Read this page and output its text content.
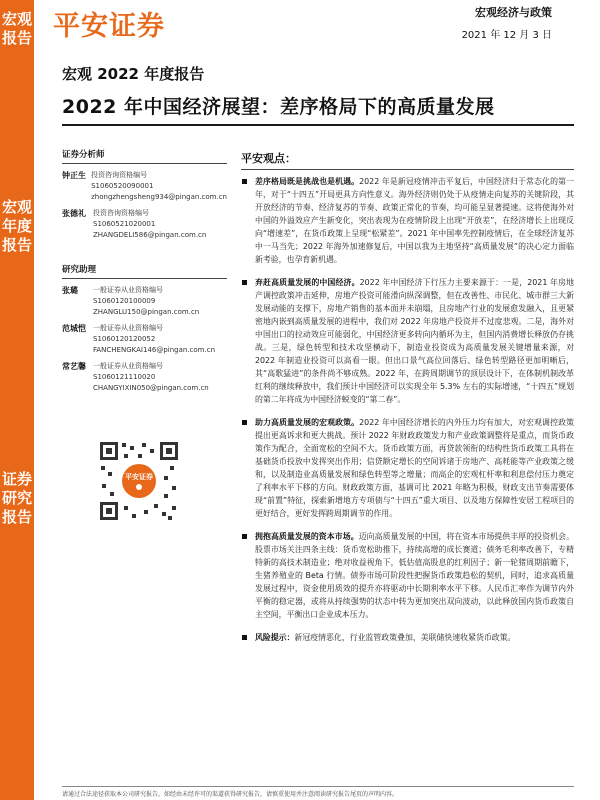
宏观报告
宏观年度报告
证券研究报告
平安证券	宏观经济与政策
2021 年 12 月 3 日
宏观 2022 年度报告
2022 年中国经济展望：差序格局下的高质量发展
证券分析师
钟正生 投资咨询资格编号
S1060520090001
zhongzhengsheng934@pingan.com.cn
张德礼	投资咨询资格编号
S1060521020001
ZHANGDELI586@pingan.com.cn
研究助理
张璐	一般证券从业资格编号
S1060120100009
ZHANGLU150@pingan.com.cn
范城恺	一般证券从业资格编号
S1060120120052
FANCHENGKAI146@pingan.com.cn
常艺馨	一般证券从业资格编号
S1060121110020
CHANGYIXIN050@pingan.com.cn
平安证券
平安观点：
差序格局既是挑战也是机遇。2022 年是新冠疫情冲击平复后，中国经济归于常态化的第一年，对于“十四五”开局更具方向性意义。海外经济则仍处于从疫情走向复苏的关键阶段，其开放经济的节奏、经济复苏的节奏、政策正常化的节奏，均可能呈显著提速。这将使海外对中国的外溢效应产生新变化，突出表现为在疫情阶段上出现“开放差”，在经济增长上出现反向“增速差”，在货币政策上呈现“松紧差”。2021 年中国率先控制疫情后，在全球经济复苏中一马当先；2022 年海外加速修复后，中国以我为主地坚持“高质量发展”的决心定力面临新考验，也孕育新机遇。
弃赶高质量发展的中国经济。2022 年中国经济下行压力主要来源于：一是，2021 年房地产调控政策冲击延伸，房地产投资可能滑向纵深调整，但在改善性、市民化、城市群三大新发展动能的支撑下，房地产销售的基本面并未崩塌，且房地产行业的发展愈发融入，且更紧密地内嵌到高质量发展的进程中，我们对 2022 年房地产投资并不过度悲观。二是，海外对中国出口的拉动效应可能弱化，中国经济更多转向内循环为主，但国内消费增长释放仍存挑战。三是，绿色转型和技术攻坚横动下，制造业投资成为高质量发展关键增量来源，对 2022 年制造业投资可以高看一眼。但出口景气高位回落后、绿色转型路径更加明晰后，其“高歌猛进”的条件尚不够成熟。2022 年，在跨周期调节的顶层设计下，在体制机制改革红利的继续释放中，我们预计中国经济可以实现全年 5.3% 左右的实际增速，“十四五”规划的第二年将成为中国经济蜕变的“第二春”。
助力高质量发展的宏观政策。2022 年中国经济增长的内外压力均有加大，对宏观调控政策提出更高诉求和更大挑战。预计 2022 年财政政策发力和产业政策调整将是重点，而货币政策作为配合，全面宽松的空间不大。货币政策方面，再贷款领衔的结构性货币政策工具将在基础货币投放中发挥突出作用；信贷额定增长的空间诉诸于房地产、高耗能等产业政策之缓和，以及制造业高质量发展和绿色转型等之增量；而高企的宏观杠杆率和利息偿付压力奠定了利率水平下移的方向。财政政策方面，基调可比 2021 年略为积极，财政支出节奏需要体现“前置”特征，探索新增地方专项债与“十四五”重大项目、以及地方保障性安居工程项目的更好结合，更好发挥跨周期调节的作用。
拥抱高质量发展的资本市场。迈向高质量发展的中国，将在资本市场提供丰厚的投资机会。股票市场关注四条主线：货币宽松助推下，持续高增的成长赛道；债务毛利率改善下，专精特新的高技术制造业；绝对收益视角下，低估值高股息的红利因子；新一轮猪周期前瞻下，生猪养殖业的 Beta 行情。债券市场可阶段性把握货币政策趋松的契机，同时，追求高质量发展过程中，资金使用质效的提升亦将驱动中长期利率水平下移。人民币汇率作为调节内外平衡的稳定器，或将从持续强势的状态中转为更加突出双向波动，以此释放国内货币政策自主空间，平衡出口企业成本压力。
风险提示：新冠疫情恶化，行业监管政策叠加，美联储快速收紧货币政策。
请通过合法途径获取本公司研究报告，如经由未经许可的渠道获得研究报告，请慎重使用并注意阅读研究报告尾页的声明内容。
